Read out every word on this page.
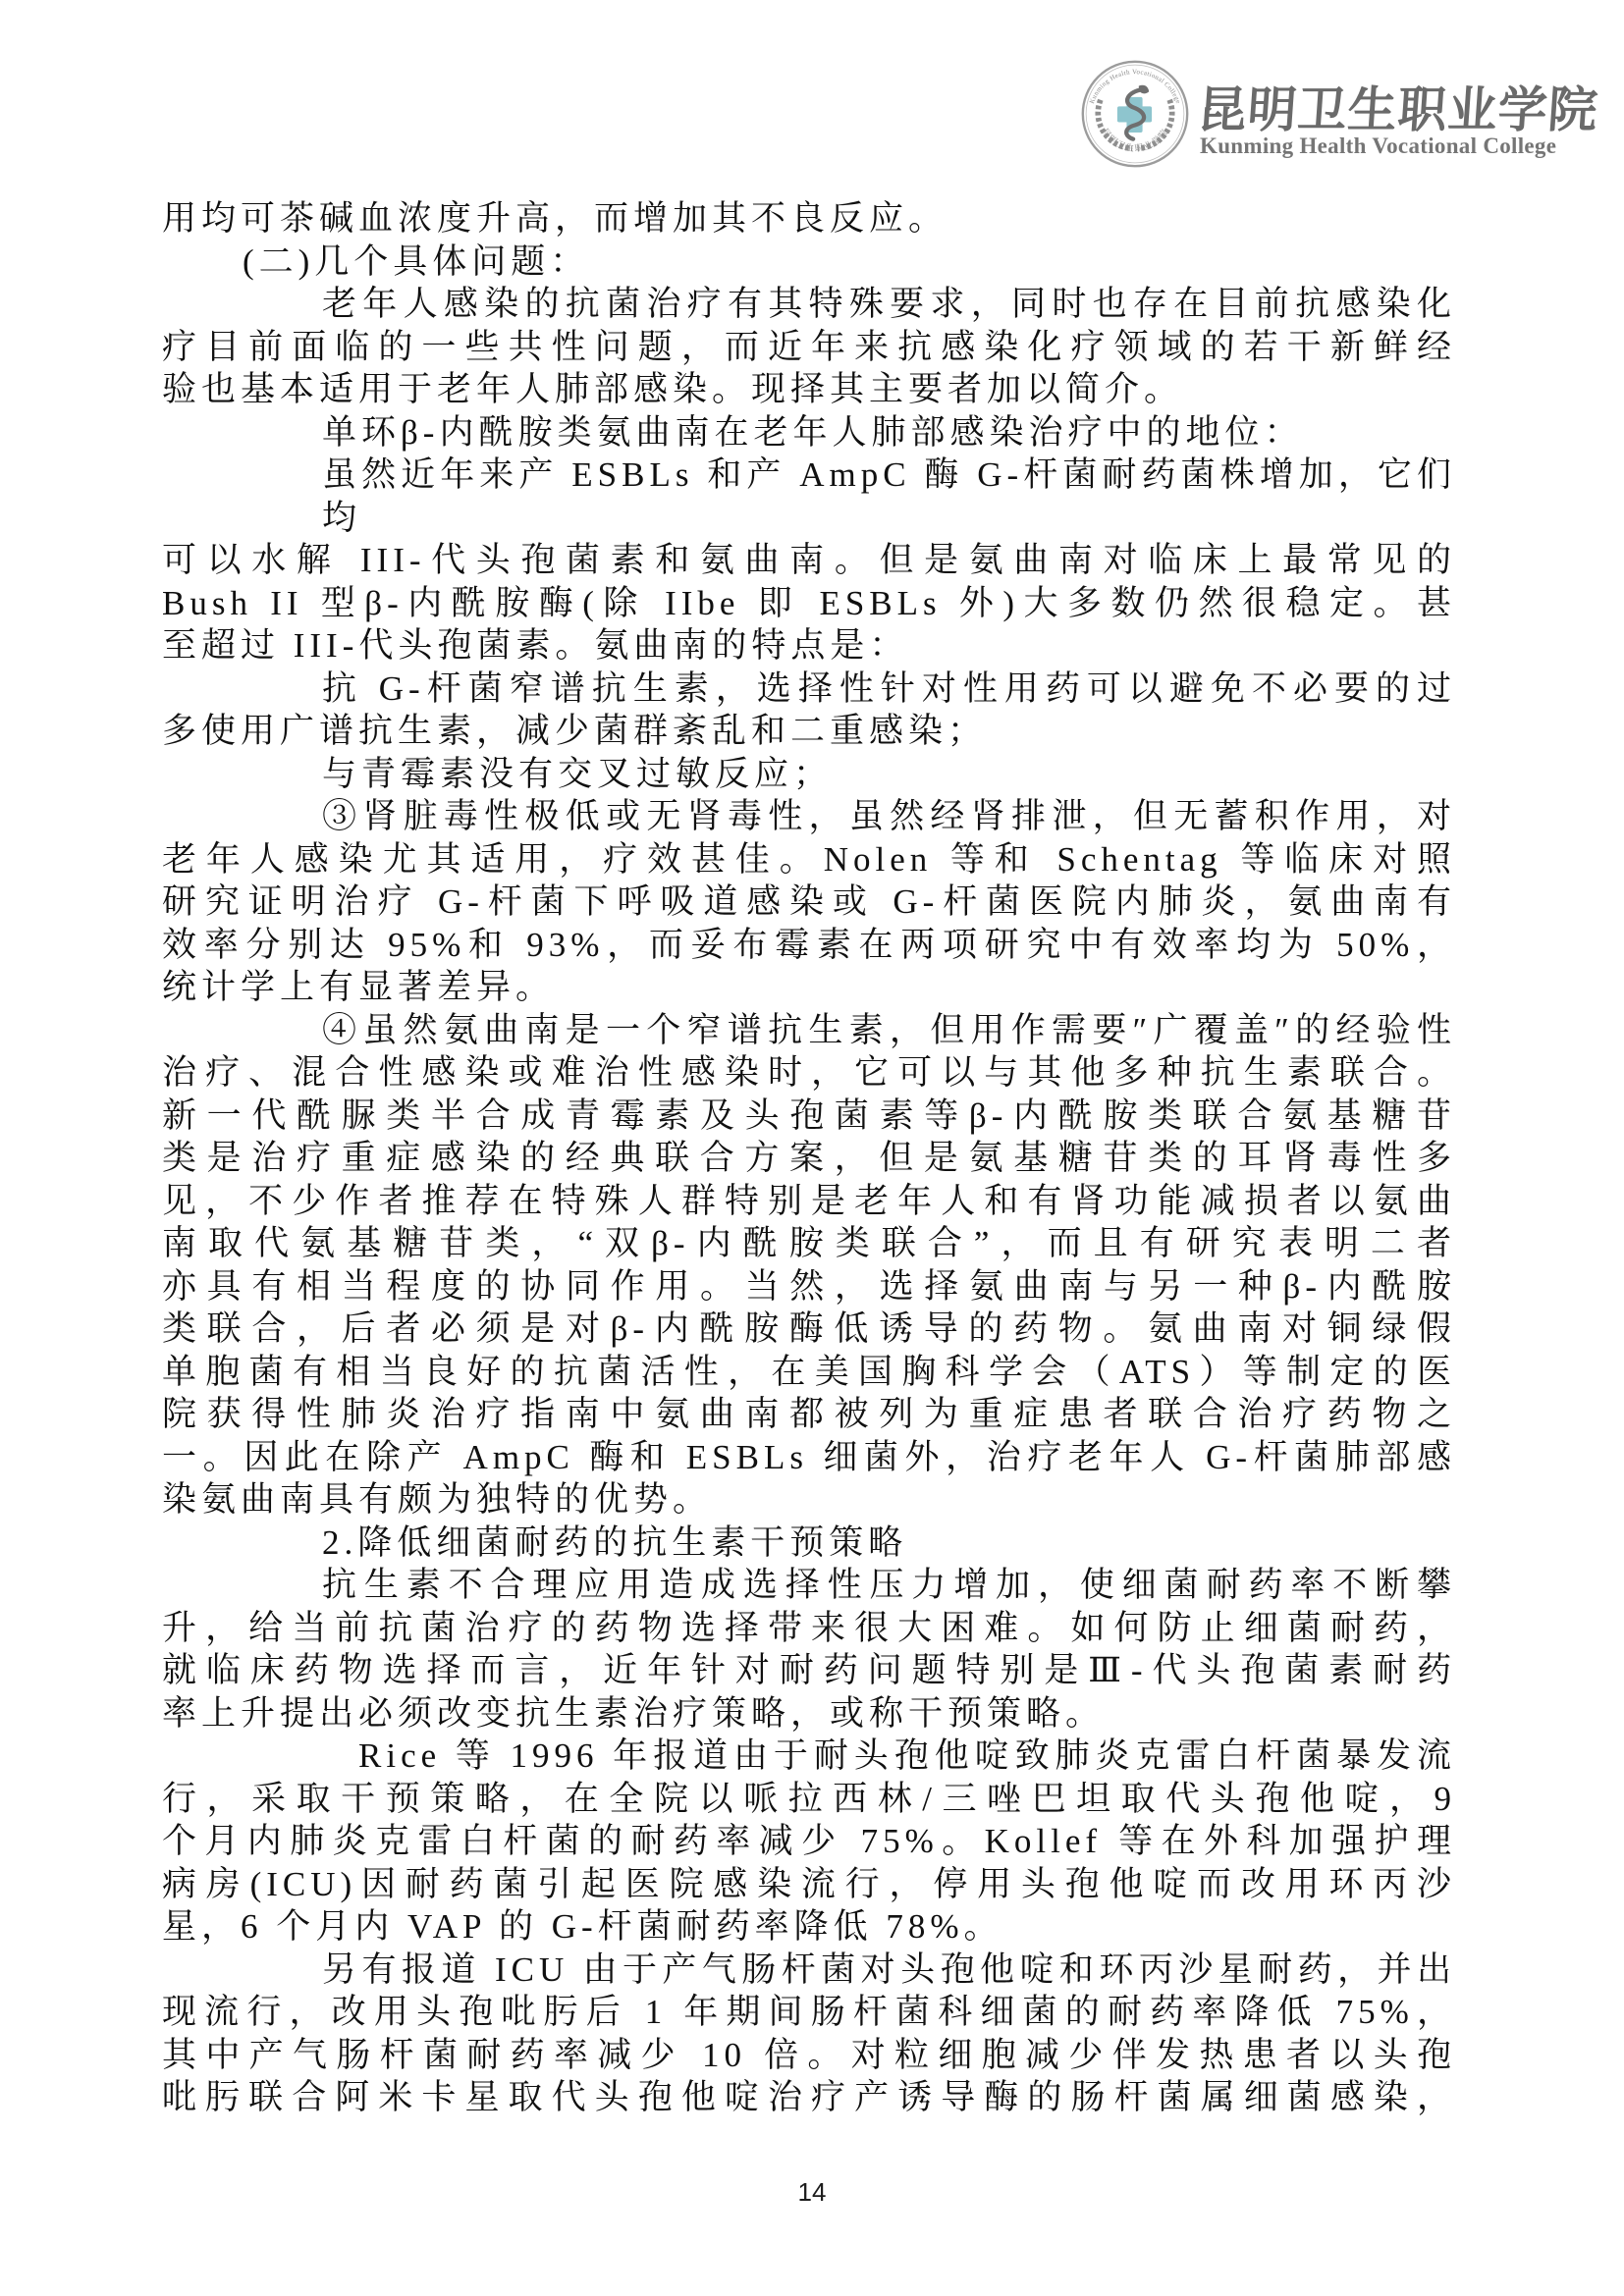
Kunming Health Vocational College
昆明卫生职业学院 昆明卫生职业学院
Kunming Health Vocational College
用均可茶碱血浓度升高，而增加其不良反应。
(二)几个具体问题：
老年人感染的抗菌治疗有其特殊要求，同时也存在目前抗感染化
疗目前面临的一些共性问题，而近年来抗感染化疗领域的若干新鲜经
验也基本适用于老年人肺部感染。现择其主要者加以简介。
单环β-内酰胺类氨曲南在老年人肺部感染治疗中的地位：
虽然近年来产 ESBLs 和产 AmpC 酶 G-杆菌耐药菌株增加，它们均
可以水解 III-代头孢菌素和氨曲南。但是氨曲南对临床上最常见的
Bush II 型β-内酰胺酶(除 IIbe 即 ESBLs 外)大多数仍然很稳定。甚
至超过 III-代头孢菌素。氨曲南的特点是：
抗 G-杆菌窄谱抗生素，选择性针对性用药可以避免不必要的过
多使用广谱抗生素，减少菌群紊乱和二重感染；
与青霉素没有交叉过敏反应；
③肾脏毒性极低或无肾毒性，虽然经肾排泄，但无蓄积作用，对
老年人感染尤其适用，疗效甚佳。Nolen 等和 Schentag 等临床对照
研究证明治疗 G-杆菌下呼吸道感染或 G-杆菌医院内肺炎，氨曲南有
效率分别达 95%和 93%，而妥布霉素在两项研究中有效率均为 50%，
统计学上有显著差异。
④虽然氨曲南是一个窄谱抗生素，但用作需要″广覆盖″的经验性
治疗、混合性感染或难治性感染时，它可以与其他多种抗生素联合。
新一代酰脲类半合成青霉素及头孢菌素等β-内酰胺类联合氨基糖苷
类是治疗重症感染的经典联合方案，但是氨基糖苷类的耳肾毒性多
见，不少作者推荐在特殊人群特别是老年人和有肾功能减损者以氨曲
南取代氨基糖苷类，“双β-内酰胺类联合”，而且有研究表明二者
亦具有相当程度的协同作用。当然，选择氨曲南与另一种β-内酰胺
类联合，后者必须是对β-内酰胺酶低诱导的药物。氨曲南对铜绿假
单胞菌有相当良好的抗菌活性，在美国胸科学会（ATS）等制定的医
院获得性肺炎治疗指南中氨曲南都被列为重症患者联合治疗药物之
一。因此在除产 AmpC 酶和 ESBLs 细菌外，治疗老年人 G-杆菌肺部感
染氨曲南具有颇为独特的优势。
2.降低细菌耐药的抗生素干预策略
抗生素不合理应用造成选择性压力增加，使细菌耐药率不断攀
升，给当前抗菌治疗的药物选择带来很大困难。如何防止细菌耐药，
就临床药物选择而言，近年针对耐药问题特别是Ⅲ-代头孢菌素耐药
率上升提出必须改变抗生素治疗策略，或称干预策略。
Rice 等 1996 年报道由于耐头孢他啶致肺炎克雷白杆菌暴发流
行，采取干预策略，在全院以哌拉西林/三唑巴坦取代头孢他啶，9
个月内肺炎克雷白杆菌的耐药率减少 75%。Kollef 等在外科加强护理
病房(ICU)因耐药菌引起医院感染流行，停用头孢他啶而改用环丙沙
星，6 个月内 VAP 的 G-杆菌耐药率降低 78%。
另有报道 ICU 由于产气肠杆菌对头孢他啶和环丙沙星耐药，并出
现流行，改用头孢吡肟后 1 年期间肠杆菌科细菌的耐药率降低 75%，
其中产气肠杆菌耐药率减少 10 倍。对粒细胞减少伴发热患者以头孢
吡肟联合阿米卡星取代头孢他啶治疗产诱导酶的肠杆菌属细菌感染，
14
